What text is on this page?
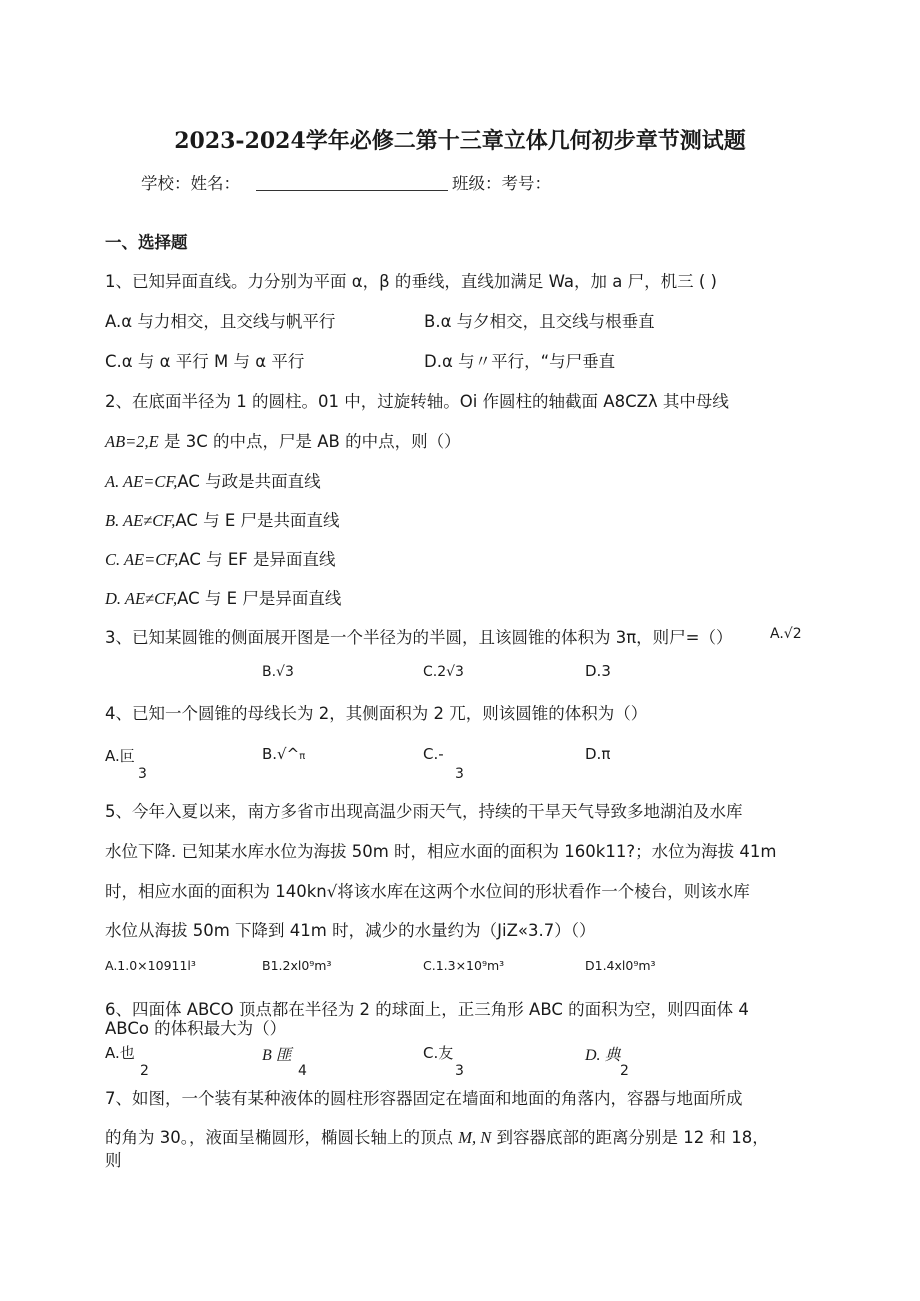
2023-2024学年必修二第十三章立体几何初步章节测试题
学校：姓名：	班级：考号：
一、选择题
1、已知异面直线。力分别为平面 α，β 的垂线，直线加满足 Wa，加 a 尸，机三 ( )
A.α 与力相交，且交线与帆平行	B.α 与夕相交，且交线与根垂直
C.α 与 α 平行 M 与 α 平行	D.α 与〃平行，“与尸垂直
2、在底面半径为 1 的圆柱。01 中，过旋转轴。Oi 作圆柱的轴截面 A8CZλ 其中母线
AB=2,E 是 3C 的中点，尸是 AB 的中点，则（）
A. AE=CF,AC 与政是共面直线
B. AE≠CF,AC 与 E 尸是共面直线
C. AE=CF,AC 与 EF 是异面直线
D. AE≠CF,AC 与 E 尸是异面直线
3、已知某圆锥的侧面展开图是一个半径为的半圆，且该圆锥的体积为 3π，则尸=（）	A.√2
B.√3	C.2√3	D.3
4、已知一个圆锥的母线长为 2，其侧面积为 2 兀，则该圆锥的体积为（）
A.叵
3
B.√^π	C.-
3
D.π
5、今年入夏以来，南方多省市出现高温少雨天气，持续的干旱天气导致多地湖泊及水库
水位下降. 已知某水库水位为海拔 50m 时，相应水面的面积为 160k11?；水位为海拔 41m
时，相应水面的面积为 140kn√将该水库在这两个水位间的形状看作一个棱台，则该水库
水位从海拔 50m 下降到 41m 时，减少的水量约为（JiZ«3.7）（）
A.1.0×10911l³	B1.2xl0⁹m³	C.1.3×10⁹m³	D1.4xl0⁹m³
6、四面体 ABCO 顶点都在半径为 2 的球面上，正三角形 ABC 的面积为空，则四面体 4
ABCo 的体积最大为（）
A.也
2
B 匪
4
C.友
3
D. 典
2
7、如图，一个装有某种液体的圆柱形容器固定在墙面和地面的角落内，容器与地面所成
的角为 30。，液面呈椭圆形，椭圆长轴上的顶点 M, N 到容器底部的距离分别是 12 和 18，
则
